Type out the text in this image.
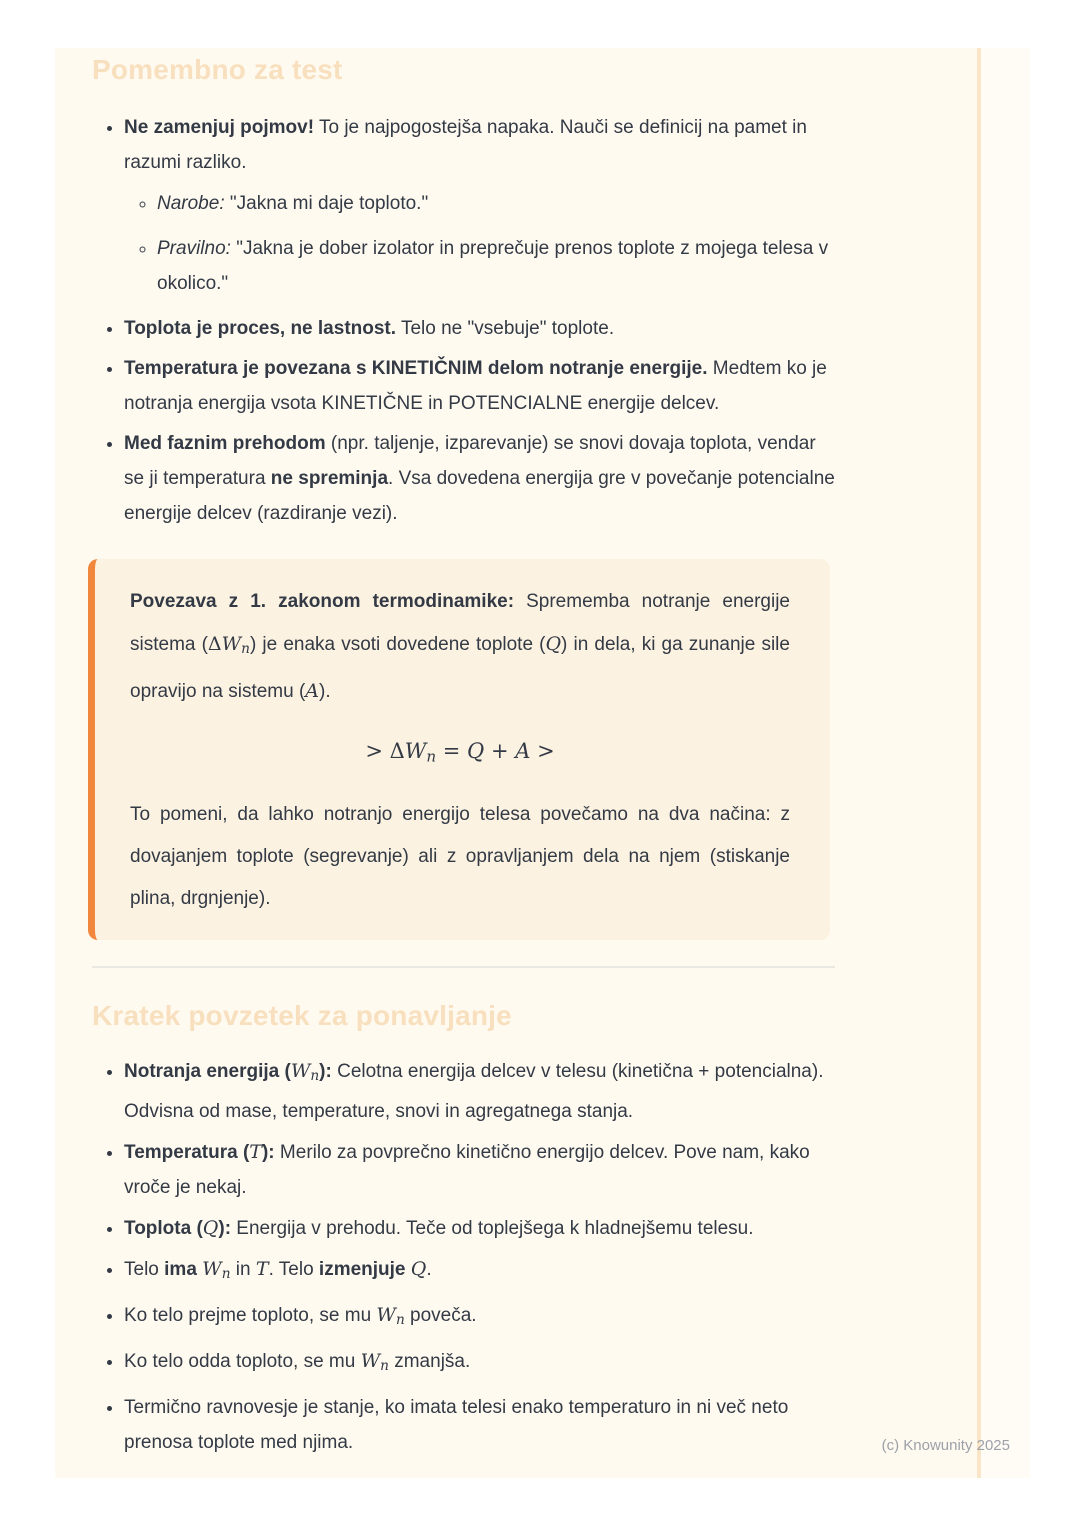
Pomembno za test
• Ne zamenjuj pojmov! To je najpogostejša napaka. Nauči se definicij na pamet in razumi razliko.
◦ Narobe: "Jakna mi daje toploto."
◦ Pravilno: "Jakna je dober izolator in preprečuje prenos toplote z mojega telesa v okolico."
• Toplota je proces, ne lastnost. Telo ne "vsebuje" toplote.
• Temperatura je povezana s KINETIČNIM delom notranje energije. Medtem ko je notranja energija vsota KINETIČNE in POTENCIALNE energije delcev.
• Med faznim prehodom (npr. taljenje, izparevanje) se snovi dovaja toplota, vendar se ji temperatura ne spreminja. Vsa dovedena energija gre v povečanje potencialne energije delcev (razdiranje vezi).

Povezava z 1. zakonom termodinamike: Sprememba notranje energije sistema (ΔWn) je enaka vsoti dovedene toplote (Q) in dela, ki ga zunanje sile opravijo na sistemu (A).

> ΔWn = Q + A >

To pomeni, da lahko notranjo energijo telesa povečamo na dva načina: z dovajanjem toplote (segrevanje) ali z opravljanjem dela na njem (stiskanje plina, drgnjenje).

Kratek povzetek za ponavljanje
• Notranja energija (Wn): Celotna energija delcev v telesu (kinetična + potencialna). Odvisna od mase, temperature, snovi in agregatnega stanja.
• Temperatura (T): Merilo za povprečno kinetično energijo delcev. Pove nam, kako vroče je nekaj.
• Toplota (Q): Energija v prehodu. Teče od toplejšega k hladnejšemu telesu.
• Telo ima Wn in T. Telo izmenjuje Q.
• Ko telo prejme toploto, se mu Wn poveča.
• Ko telo odda toploto, se mu Wn zmanjša.
• Termično ravnovesje je stanje, ko imata telesi enako temperaturo in ni več neto prenosa toplote med njima.	(c) Knowunity 2025
